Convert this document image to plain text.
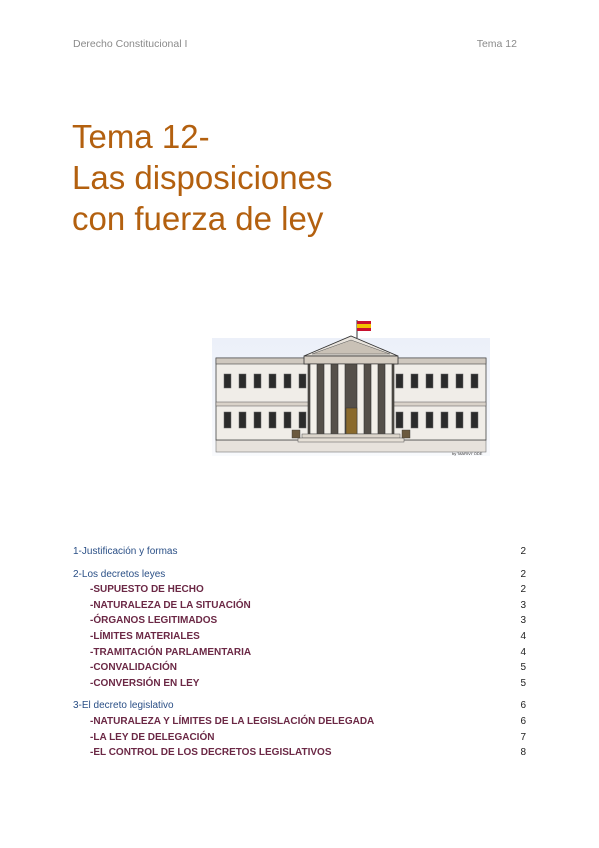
Derecho Constitucional I	Tema 12
Tema 12-
Las disposiciones
con fuerza de ley
by 'MARIVI' ODE
1-Justificación y formas	2
2-Los decretos leyes	2
-SUPUESTO DE HECHO	2
-NATURALEZA DE LA SITUACIÓN	3
-ÓRGANOS LEGITIMADOS	3
-LÍMITES MATERIALES	4
-TRAMITACIÓN PARLAMENTARIA	4
-CONVALIDACIÓN	5
-CONVERSIÓN EN LEY	5
3-El decreto legislativo	6
-NATURALEZA Y LÍMITES DE LA LEGISLACIÓN DELEGADA	6
-LA LEY DE DELEGACIÓN	7
-EL CONTROL DE LOS DECRETOS LEGISLATIVOS	8
